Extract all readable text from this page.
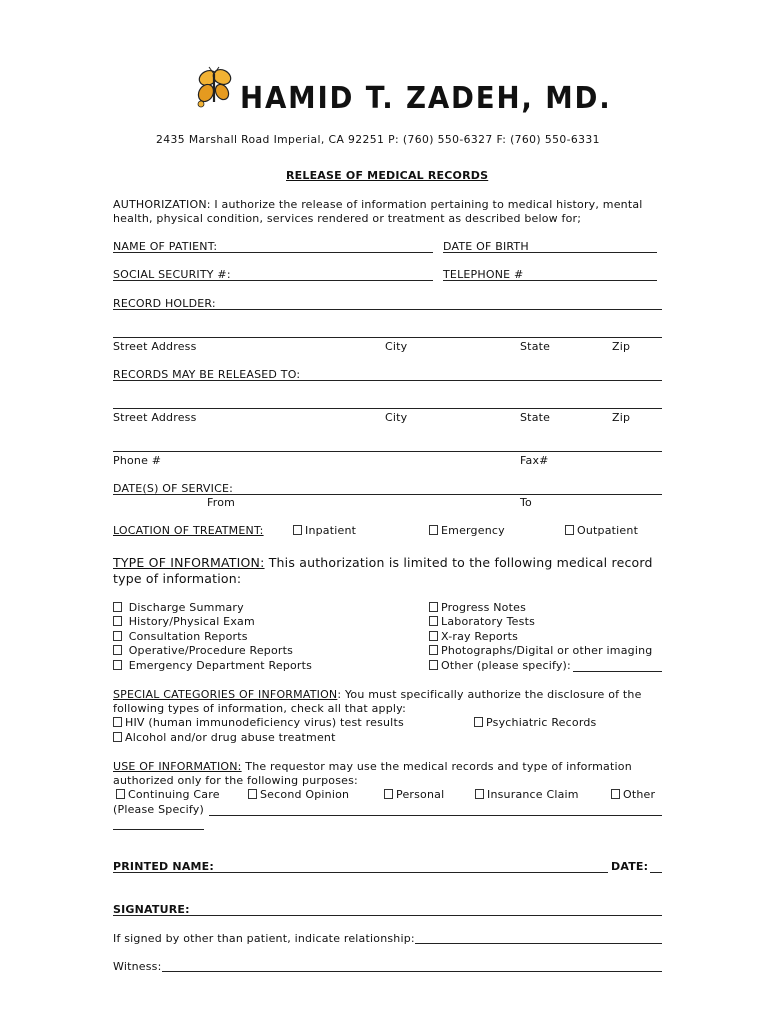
HAMID T. ZADEH, MD.
2435 Marshall Road Imperial, CA 92251 P: (760) 550-6327 F: (760) 550-6331
RELEASE OF MEDICAL RECORDS
AUTHORIZATION: I authorize the release of information pertaining to medical history, mental
health, physical condition, services rendered or treatment as described below for;
NAME OF PATIENT:	DATE OF BIRTH
SOCIAL SECURITY #:	TELEPHONE #
RECORD HOLDER:
Street Address	City	State	Zip
RECORDS MAY BE RELEASED TO:
Street Address	City	State	Zip
Phone #	Fax#
DATE(S) OF SERVICE:
From	To
LOCATION OF TREATMENT:	Inpatient	Emergency	Outpatient
TYPE OF INFORMATION: This authorization is limited to the following medical record
type of information:
Discharge Summary
History/Physical Exam
Consultation Reports
Operative/Procedure Reports
Emergency Department Reports
Progress Notes
Laboratory Tests
X-ray Reports
Photographs/Digital or other imaging
Other (please specify):
SPECIAL CATEGORIES OF INFORMATION: You must specifically authorize the disclosure of the
following types of information, check all that apply:
HIV (human immunodeficiency virus) test results	Psychiatric Records
Alcohol and/or drug abuse treatment
USE OF INFORMATION: The requestor may use the medical records and type of information
authorized only for the following purposes:
Continuing Care	Second Opinion	Personal	Insurance Claim	Other
(Please Specify)
PRINTED NAME:	DATE:
SIGNATURE:
If signed by other than patient, indicate relationship:
Witness:
